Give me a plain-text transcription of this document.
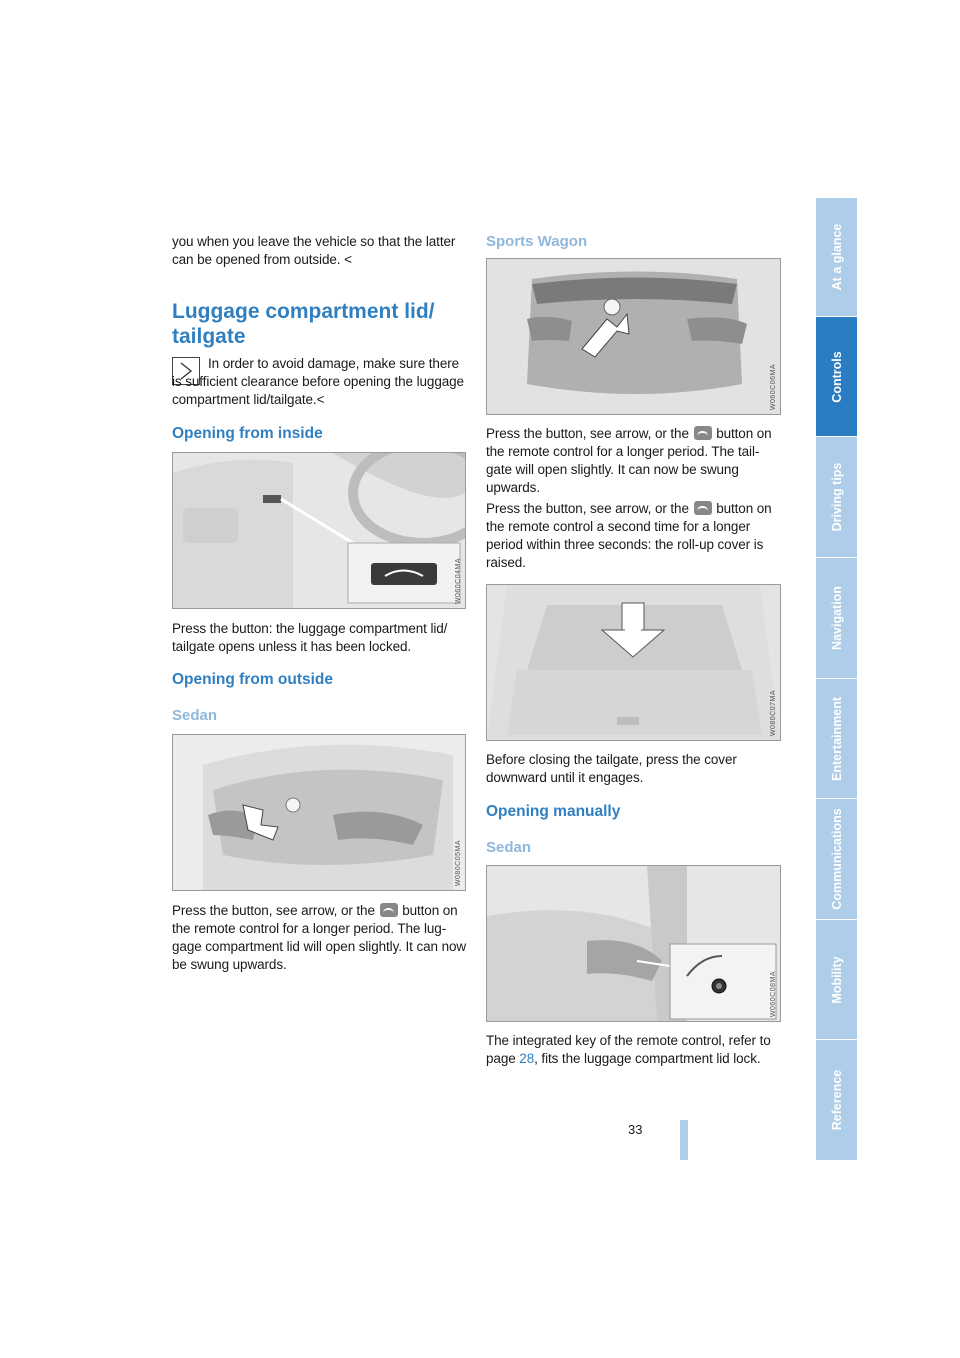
you when you leave the vehicle so that the latter can be opened from outside. <

Luggage compartment lid/ tailgate

In order to avoid damage, make sure there is sufficient clearance before opening the luggage compartment lid/tailgate.<

Opening from inside
W060C04MA

Press the button: the luggage compartment lid/ tailgate opens unless it has been locked.

Opening from outside
Sedan
W080C05MA

Press the button, see arrow, or the button on the remote control for a longer period. The lug-gage compartment lid will open slightly. It can now be swung upwards.

Sports Wagon
W060C06MA

Press the button, see arrow, or the button on the remote control for a longer period. The tail-gate will open slightly. It can now be swung upwards.

Press the button, see arrow, or the button on the remote control a second time for a longer period within three seconds: the roll-up cover is raised.

W080C07MA

Before closing the tailgate, press the cover downward until it engages.

Opening manually
Sedan
W060C08MA

The integrated key of the remote control, refer to page 28, fits the luggage compartment lid lock.

33
At a glance
Controls
Driving tips
Navigation
Entertainment
Communications
Mobility
Reference
